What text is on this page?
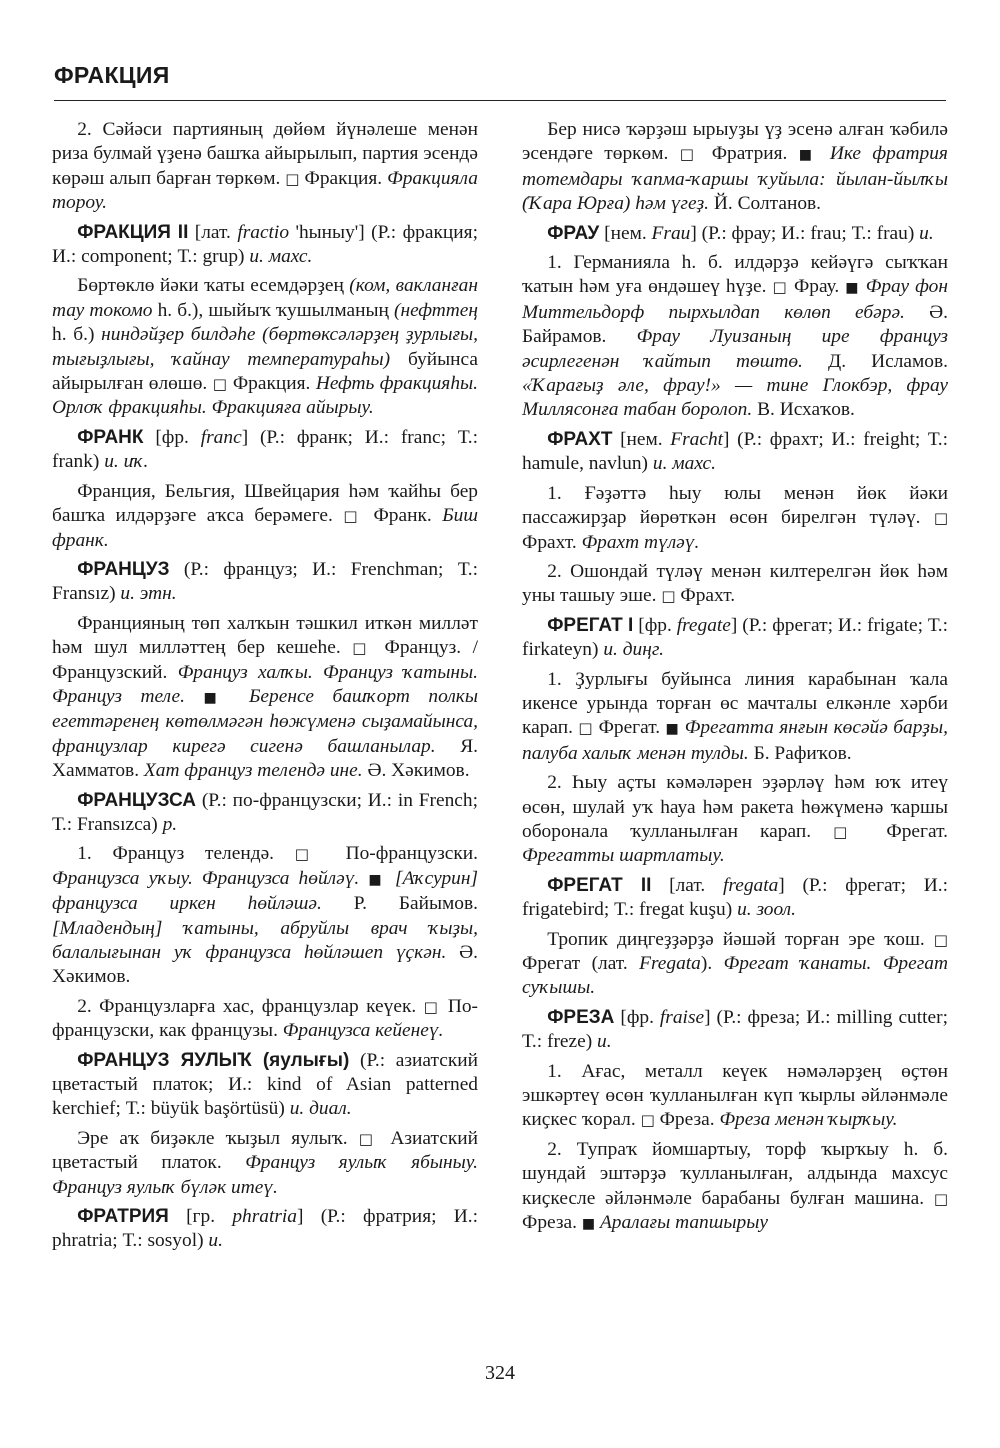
ФРАКЦИЯ

2. Сәйәси партияның дөйөм йүнәлеше менән риза булмай үҙенә башҡа айырылып, партия эсендә көрәш алып барған төркөм. □ Фракция. Фракцияла тороу.

ФРАКЦИЯ II [лат. fractio 'һыныу'] (Р.: фракция; И.: component; Т.: grup) и. махс.

Бөртөклө йәки ҡаты есемдәрҙең (ком, вакланған тау токомо һ. б.), шыйыҡ ҡушылманың (нефттең һ. б.) ниндәйҙер билдәһе (бөртөксәләрҙең ҙурлығы, тығыҙлығы, ҡайнау температураһы) буйынса айырылған өлөшө. □ Фракция. Нефть фракцияһы. Орлоҡ фракцияһы. Фракцияға айырыу.

ФРАНК [фр. franc] (Р.: франк; И.: franc; Т.: frank) и. иҡ.

Франция, Бельгия, Швейцария һәм ҡайһы бер башҡа илдәрҙәге аҡса берәмеге. □ Франк. Биш франк.

ФРАНЦУЗ (Р.: француз; И.: Frenchman; Т.: Fransız) и. этн.

Францияның төп халҡын тәшкил иткән милләт һәм шул милләттең бер кешеһе. □ Француз. / Французский. Француз халҡы. Француз ҡатыны. Француз теле. ■ Беренсе башҡорт полкы егеттәренең көтөлмәгән һөжүменә сыҙамайынса, французлар кирегә сигенә башланылар. Я. Хамматов. Хат француз телендә ине. Ә. Хәкимов.

ФРАНЦУЗСА (Р.: по-французски; И.: in French; Т.: Fransızca) р.

1. Француз телендә. □ По-французски. Французса уҡыу. Французса һөйләү. ■ [Аҡсурин] французса иркен һөйләшә. Р. Байымов. [Младендың] ҡатыны, абруйлы врач ҡыҙы, балалығынан уҡ французса һөйләшеп үҫкән. Ә. Хәкимов.

2. Французларға хас, французлар кеүек. □ По-французски, как французы. Французса кейенеү.

ФРАНЦУЗ ЯУЛЫҠ (яулығы) (Р.: азиатский цветастый платок; И.: kind of Asian patterned kerchief; Т.: büyük başörtüsü) и. диал.

Эре аҡ биҙәкле ҡыҙыл яулыҡ. □ Азиатский цветастый платок. Француз яулыҡ ябыныу. Француз яулыҡ бүләк итеү.

ФРАТРИЯ [гр. phratria] (Р.: фратрия; И.: phratria; Т.: sosyol) и.

Бер нисә ҡәрҙәш ырыуҙы үҙ эсенә алған ҡәбилә эсендәге төркөм. □ Фратрия. ■ Ике фратрия тотемдары ҡапма-ҡаршы ҡуйыла: йылан-йылҡы (Ҡара Юрға) һәм үгеҙ. Й. Солтанов.

ФРАУ [нем. Frau] (Р.: фрау; И.: frau; Т.: frau) и.

1. Германияла һ. б. илдәрҙә кейәүгә сыҡҡан ҡатын һәм уға өндәшеү һүҙе. □ Фрау. ■ Фрау фон Миттельдорф пырхылдап көлөп ебәрә. Ә. Байрамов. Фрау Луизаның ире француз әсирлегенән ҡайтып төштө. Д. Исламов. «Ҡарағыҙ әле, фрау!» — тине Глокбэр, фрау Миллясонға табан боролоп. В. Исхаҡов.

ФРАХТ [нем. Fracht] (Р.: фрахт; И.: freight; Т.: hamule, navlun) и. махс.

1. Ғәҙәттә һыу юлы менән йөк йәки пассажирҙар йөрөткән өсөн бирелгән түләү. □ Фрахт. Фрахт түләү.

2. Ошондай түләү менән килтерелгән йөк һәм уны ташыу эше. □ Фрахт.

ФРЕГАТ I [фр. fregate] (Р.: фрегат; И.: frigate; Т.: firkateyn) и. диңг.

1. Ҙурлығы буйынса линия карабынан ҡала икенсе урында торған өс мачталы елкәнле хәрби карап. □ Фрегат. ■ Фрегатта янғын көсәйә барҙы, палуба халыҡ менән тулды. Б. Рафиҡов.

2. Һыу аҫты кәмәләрен эҙәрләү һәм юҡ итеү өсөн, шулай уҡ һауа һәм ракета һөжүменә ҡаршы оборонала ҡулланылған карап. □ Фрегат. Фрегатты шартлатыу.

ФРЕГАТ II [лат. fregata] (Р.: фрегат; И.: frigatebird; Т.: fregat kuşu) и. зоол.

Тропик диңгеҙҙәрҙә йәшәй торған эре ҡош. □ Фрегат (лат. Fregata). Фрегат ҡанаты. Фрегат суҡышы.

ФРЕЗА [фр. fraise] (Р.: фреза; И.: milling cutter; Т.: freze) и.

1. Ағас, металл кеүек нәмәләрҙең өҫтөн эшкәртеү өсөн ҡулланылған күп ҡырлы әйләнмәле киҫкес ҡорал. □ Фреза. Фреза менән ҡырҡыу.

2. Тупраҡ йомшартыу, торф ҡырҡыу һ. б. шундай эштәрҙә ҡулланылған, алдында махсус киҫкесле әйләнмәле барабаны булған машина. □ Фреза. ■ Аралағы тапшырыу

324
